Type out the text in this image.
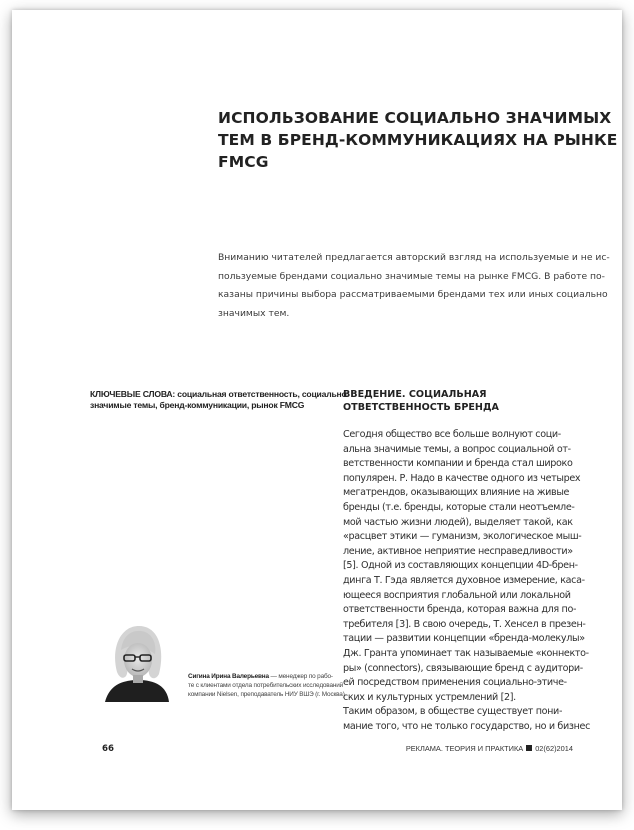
ИСПОЛЬЗОВАНИЕ СОЦИАЛЬНО ЗНАЧИМЫХ
ТЕМ В БРЕНД-КОММУНИКАЦИЯХ НА РЫНКЕ
FMCG
Вниманию читателей предлагается авторский взгляд на используемые и не ис-
пользуемые брендами социально значимые темы на рынке FMCG. В работе по-
казаны причины выбора рассматриваемыми брендами тех или иных социально
значимых тем.
КЛЮЧЕВЫЕ СЛОВА: социальная ответственность, социально
значимые темы, бренд-коммуникации, рынок FMCG
ВВЕДЕНИЕ. СОЦИАЛЬНАЯ
ОТВЕТСТВЕННОСТЬ БРЕНДА
Сегодня общество все больше волнуют соци-
альна значимые темы, а вопрос социальной от-
ветственности компании и бренда стал широко
популярен. Р. Надо в качестве одного из четырех
мегатрендов, оказывающих влияние на живые
бренды (т.е. бренды, которые стали неотъемле-
мой частью жизни людей), выделяет такой, как
«расцвет этики — гуманизм, экологическое мыш-
ление, активное неприятие несправедливости»
[5]. Одной из составляющих концепции 4D-брен-
динга Т. Гэда является духовное измерение, каса-
ющееся восприятия глобальной или локальной
ответственности бренда, которая важна для по-
требителя [3]. В свою очередь, Т. Хенсел в презен-
тации — развитии концепции «бренда-молекулы»
Дж. Гранта упоминает так называемые «коннекто-
ры» (connectors), связывающие бренд с аудитори-
ей посредством применения социально-этиче-
ских и культурных устремлений [2].
Таким образом, в обществе существует пони-
мание того, что не только государство, но и бизнес
Сигина Ирина Валерьевна — менеджер по рабо-
те с клиентами отдела потребительских исследований
компании Nielsen, преподаватель НИУ ВШЭ (г. Москва)
66	РЕКЛАМА. ТЕОРИЯ И ПРАКТИКА 02(62)2014
